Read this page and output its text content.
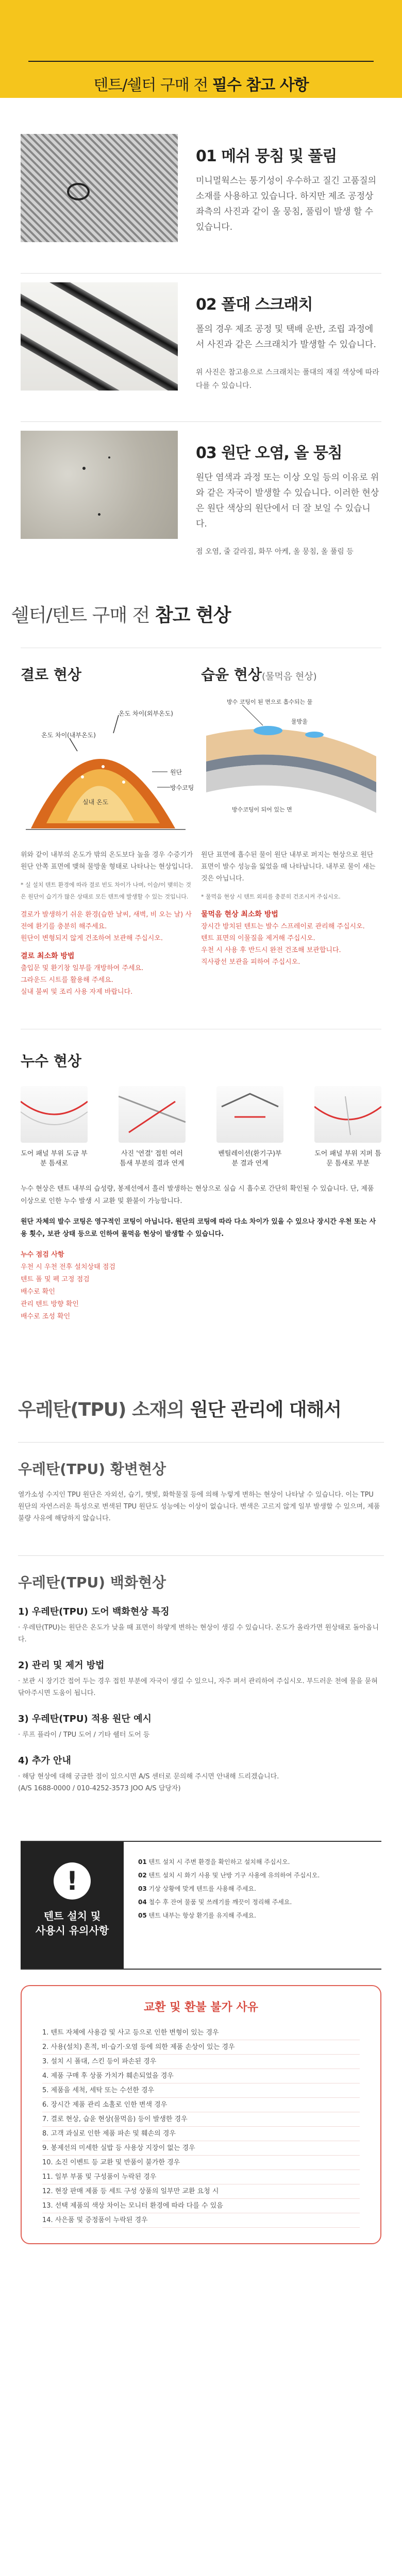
텐트/쉘터 구매 전 필수 참고 사항
01 메쉬 뭉침 및 풀림

미니멀웍스는 통기성이 우수하고 질긴 고품질의 소재를 사용하고 있습니다. 하지만 제조 공정상 좌측의 사진과 같이 올 뭉침, 풀림이 발생 할 수 있습니다.

02 폴대 스크래치

폴의 경우 제조 공정 및 택배 운반, 조립 과정에서 사진과 같은 스크래치가 발생할 수 있습니다.

위 사진은 참고용으로 스크래치는 폴대의 재질 색상에 따라 다를 수 있습니다.

03 원단 오염, 올 뭉침

원단 염색과 과정 또는 이상 오일 등의 이유로 위와 같은 자국이 발생할 수 있습니다. 이러한 현상은 원단 색상의 원단에서 더 잘 보일 수 있습니다.

점 오염, 줄 갈라짐, 화무 아케, 올 뭉침, 올 풀림 등

쉘터/텐트 구매 전 참고 현상
결로 현상
온도 차이(외부온도)
온도 차이(내부온도)
실내 온도
원단
방수코팅

위와 같이 내부의 온도가 밖의 온도보다 높을 경우 수증기가 원단 안쪽 표면에 맺혀 물방울 형태로 나타나는 현상입니다.

* 실 설치 텐트 환경에 따라 결로 빈도 차이가 나며, 이슬/이 맺히는 것은 원단이 습기가 많은 상태로 모든 텐트에 발생할 수 있는 것입니다.

결로가 발생하기 쉬운 환경(습한 날씨, 새벽, 비 오는 날) 사전에 환기를 충분히 해주세요.

원단이 변형되지 않게 건조하여 보관해 주십시오.

결로 최소화 방법

출입문 및 환기창 일부를 개방하여 주세요.

그라운드 시트를 활용해 주세요.

실내 불씨 및 조리 사용 자제 바랍니다.

습윤 현상(물먹음 현상)
방수 코팅이 된 면으로 흡수되는 물
물방울
방수코팅이 되어 있는 면

원단 표면에 흡수된 물이 원단 내부로 퍼지는 현상으로 원단 표면이 발수 성능을 잃었을 때 나타납니다. 내부로 물이 새는 것은 아닙니다.

* 물먹음 현상 시 텐트 외피를 충분히 건조시켜 주십시오.

물먹음 현상 최소화 방법

장시간 방치된 텐트는 발수 스프레이로 관리해 주십시오.

텐트 표면의 이물질을 제거해 주십시오.

우천 시 사용 후 반드시 완전 건조해 보관합니다.

직사광선 보관을 피하여 주십시오.

누수 현상
도어 패널 부위 도금 부분 틈새로
사진 '연결' 접힌 여러 틈새 부분의 결과 연계
벤틸레이션(환기구)부분 결과 연계
도어 패널 부위 지퍼 틈문 틈새로 부분

누수 현상은 텐트 내부의 습성량, 봉제선에서 흘러 발생하는 현상으로 실습 시 흡수로 간단히 확인될 수 있습니다. 단, 제품 이상으로 인한 누수 발생 시 교환 및 환불이 가능합니다.

원단 자체의 발수 코팅은 영구적인 코팅이 아닙니다. 원단의 코팅에 따라 다소 차이가 있을 수 있으나 장시간 우천 또는 사용 횟수, 보관 상태 등으로 인하여 물먹음 현상이 발생할 수 있습니다.

누수 점검 사항

우천 시 우천 전후 설치상태 점검

텐트 폴 및 펙 고정 점검

배수로 확인

관리 텐트 방향 확인

배수로 조성 확인

우레탄(TPU) 소재의 원단 관리에 대해서
우레탄(TPU) 황변현상

열가소성 수지인 TPU 원단은 자외선, 습기, 햇빛, 화학물질 등에 의해 누렇게 변하는 현상이 나타날 수 있습니다. 이는 TPU 원단의 자연스러운 특성으로 변색된 TPU 원단도 성능에는 이상이 없습니다. 변색은 고르지 않게 일부 발생할 수 있으며, 제품 불량 사유에 해당하지 않습니다.

우레탄(TPU) 백화현상

1) 우레탄(TPU) 도어 백화현상 특징

· 우레탄(TPU)는 원단은 온도가 낮을 때 표면이 하얗게 변하는 현상이 생길 수 있습니다. 온도가 올라가면 원상태로 돌아옵니다.

2) 관리 및 제거 방법

· 보관 시 장기간 접어 두는 경우 접힌 부분에 자국이 생길 수 있으니, 자주 펴서 관리하여 주십시오. 부드러운 천에 물을 묻혀 닦아주시면 도움이 됩니다.

3) 우레탄(TPU) 적용 원단 예시

· 루프 플라이 / TPU 도어 / 기타 쉘터 도어 등

4) 추가 안내

· 해당 현상에 대해 궁금한 점이 있으시면 A/S 센터로 문의해 주시면 안내해 드리겠습니다.

(A/S 1688-0000 / 010-4252-3573 JOO A/S 담당자)

!
텐트 설치 및
사용시 유의사항

01 텐트 설치 시 주변 환경을 확인하고 설치해 주십시오.

02 텐트 설치 시 화기 사용 및 난방 기구 사용에 유의하여 주십시오.

03 기상 상황에 맞게 텐트를 사용해 주세요.

04 철수 후 잔여 물품 및 쓰레기를 깨끗이 정리해 주세요.

05 텐트 내부는 항상 환기를 유지해 주세요.

교환 및 환불 불가 사유
1. 텐트 자체에 사용감 및 사고 등으로 인한 변형이 있는 경우
2. 사용(설치) 흔적, 비·습기·오염 등에 의한 제품 손상이 있는 경우
3. 설치 시 폴대, 스킨 등이 파손된 경우
4. 제품 구매 후 상품 가치가 훼손되었을 경우
5. 제품을 세척, 세탁 또는 수선한 경우
6. 장시간 제품 관리 소홀로 인한 변색 경우
7. 결로 현상, 습윤 현상(물먹음) 등이 발생한 경우
8. 고객 과실로 인한 제품 파손 및 훼손의 경우
9. 봉제선의 미세한 실밥 등 사용상 지장이 없는 경우
10. 소진 이벤트 등 교환 및 반품이 불가한 경우
11. 일부 부품 및 구성품이 누락된 경우
12. 현장 판매 제품 등 세트 구성 상품의 일부만 교환 요청 시
13. 선택 제품의 색상 차이는 모니터 환경에 따라 다를 수 있음
14. 사은품 및 증정품이 누락된 경우
